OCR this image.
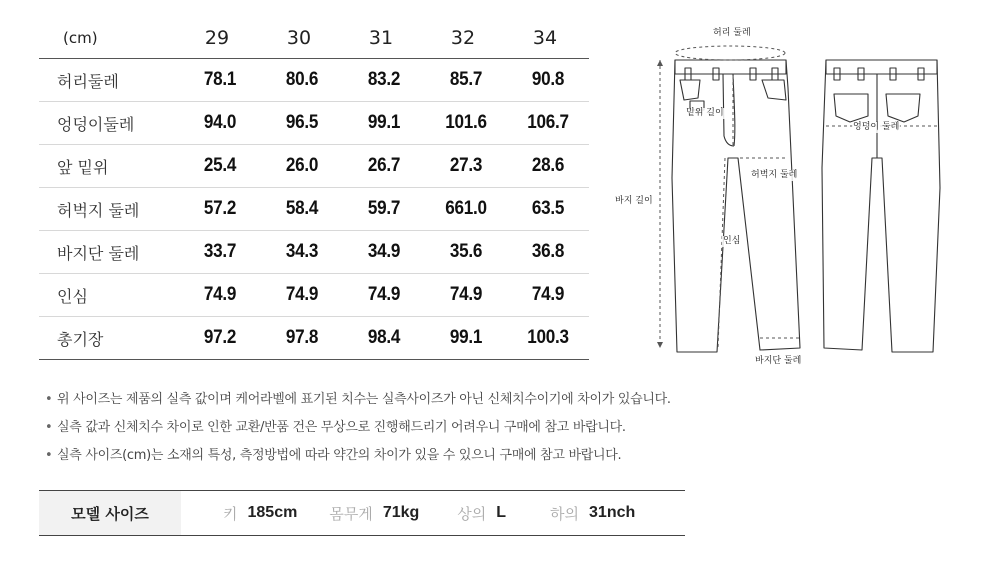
(cm)	29	30	31	32	34
허리둘레	78.1	80.6	83.2	85.7	90.8
엉덩이둘레	94.0	96.5	99.1	101.6	106.7
앞 밑위	25.4	26.0	26.7	27.3	28.6
허벅지 둘레	57.2	58.4	59.7	661.0	63.5
바지단 둘레	33.7	34.3	34.9	35.6	36.8
인심	74.9	74.9	74.9	74.9	74.9
총기장	97.2	97.8	98.4	99.1	100.3
허리 둘레
밑위 길이
엉덩이 둘레
허벅지 둘레
바지 길이
인심
바지단 둘레
• 위 사이즈는 제품의 실측 값이며 케어라벨에 표기된 치수는 실측사이즈가 아닌 신체치수이기에 차이가 있습니다.
• 실측 값과 신체치수 차이로 인한 교환/반품 건은 무상으로 진행해드리기 어려우니 구매에 참고 바랍니다.
• 실측 사이즈(cm)는 소재의 특성, 측정방법에 따라 약간의 차이가 있을 수 있으니 구매에 참고 바랍니다.
모델 사이즈	키 185cm 몸무게 71kg	상의 L	하의 31nch
